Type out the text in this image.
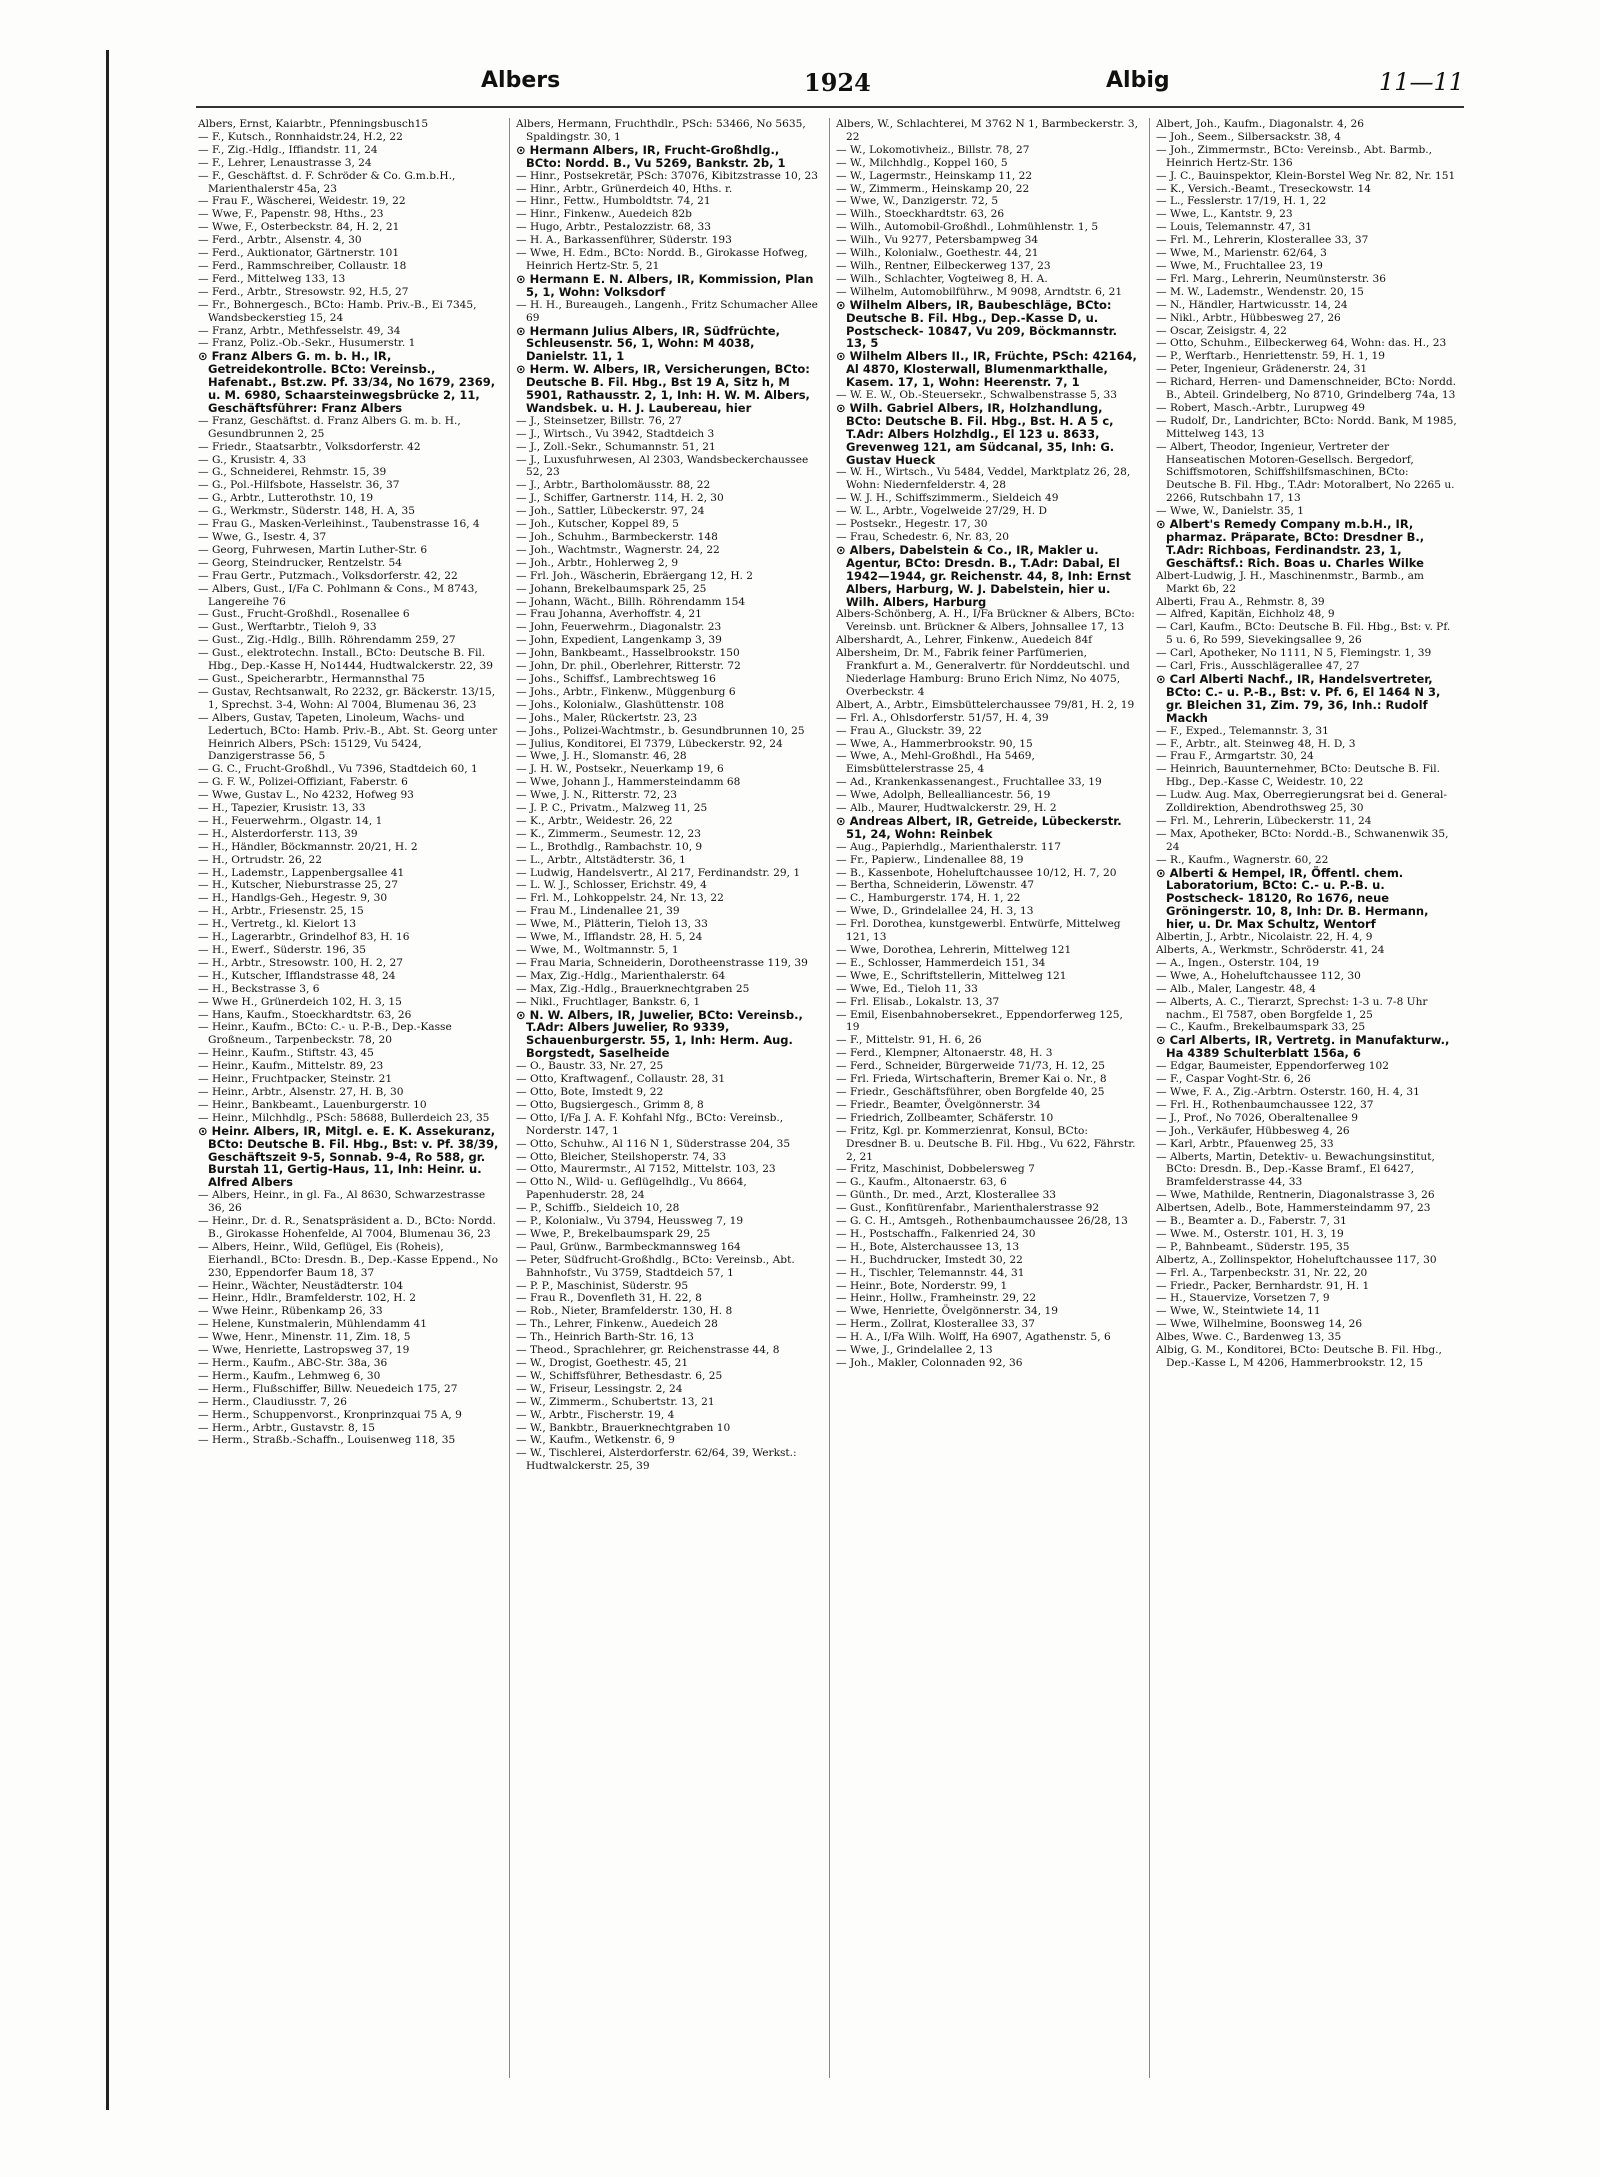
Albers	1924	Albig	11—11

Albers, Ernst, Kaiarbtr., Pfenningsbusch15

— F., Kutsch., Ronnhaidstr.24, H.2, 22

— F., Zig.-Hdlg., Iffiandstr. 11, 24

— F., Lehrer, Lenaustrasse 3, 24

— F., Geschäftst. d. F. Schröder & Co. G.m.b.H., Marienthalerstr 45a, 23

— Frau F., Wäscherei, Weidestr. 19, 22

— Wwe, F., Papenstr. 98, Hths., 23

— Wwe, F., Osterbeckstr. 84, H. 2, 21

— Ferd., Arbtr., Alsenstr. 4, 30

— Ferd., Auktionator, Gärtnerstr. 101

— Ferd., Rammschreiber, Collaustr. 18

— Ferd., Mittelweg 133, 13

— Ferd., Arbtr., Stresowstr. 92, H.5, 27

— Fr., Bohnergesch., BCto: Hamb. Priv.-B., Ei 7345, Wandsbeckerstieg 15, 24

— Franz, Arbtr., Methfesselstr. 49, 34

— Franz, Poliz.-Ob.-Sekr., Husumerstr. 1

⊙ Franz Albers G. m. b. H., IR, Getreidekontrolle. BCto: Vereinsb., Hafenabt., Bst.zw. Pf. 33/34, No 1679, 2369, u. M. 6980, Schaarsteinwegsbrücke 2, 11, Geschäftsführer: Franz Albers

— Franz, Geschäftst. d. Franz Albers G. m. b. H., Gesundbrunnen 2, 25

— Friedr., Staatsarbtr., Volksdorferstr. 42

— G., Krusistr. 4, 33

— G., Schneiderei, Rehmstr. 15, 39

— G., Pol.-Hilfsbote, Hasselstr. 36, 37

— G., Arbtr., Lutterothstr. 10, 19

— G., Werkmstr., Süderstr. 148, H. A, 35

— Frau G., Masken-Verleihinst., Taubenstrasse 16, 4

— Wwe, G., Isestr. 4, 37

— Georg, Fuhrwesen, Martin Luther-Str. 6

— Georg, Steindrucker, Rentzelstr. 54

— Frau Gertr., Putzmach., Volksdorferstr. 42, 22

— Albers, Gust., I/Fa C. Pohlmann & Cons., M 8743, Langereihe 76

— Gust., Frucht-Großhdl., Rosenallee 6

— Gust., Werftarbtr., Tieloh 9, 33

— Gust., Zig.-Hdlg., Billh. Röhrendamm 259, 27

— Gust., elektrotechn. Install., BCto: Deutsche B. Fil. Hbg., Dep.-Kasse H, No1444, Hudtwalckerstr. 22, 39

— Gust., Speicherarbtr., Hermannsthal 75

— Gustav, Rechtsanwalt, Ro 2232, gr. Bäckerstr. 13/15, 1, Sprechst. 3-4, Wohn: Al 7004, Blumenau 36, 23

— Albers, Gustav, Tapeten, Linoleum, Wachs- und Ledertuch, BCto: Hamb. Priv.-B., Abt. St. Georg unter Heinrich Albers, PSch: 15129, Vu 5424, Danzigerstrasse 56, 5

— G. C., Frucht-Großhdl., Vu 7396, Stadtdeich 60, 1

— G. F. W., Polizei-Offiziant, Faberstr. 6

— Wwe, Gustav L., No 4232, Hofweg 93

— H., Tapezier, Krusistr. 13, 33

— H., Feuerwehrm., Olgastr. 14, 1

— H., Alsterdorferstr. 113, 39

— H., Händler, Böckmannstr. 20/21, H. 2

— H., Ortrudstr. 26, 22

— H., Lademstr., Lappenbergsallee 41

— H., Kutscher, Nieburstrasse 25, 27

— H., Handlgs-Geh., Hegestr. 9, 30

— H., Arbtr., Friesenstr. 25, 15

— H., Vertretg., kl. Kielort 13

— H., Lagerarbtr., Grindelhof 83, H. 16

— H., Ewerf., Süderstr. 196, 35

— H., Arbtr., Stresowstr. 100, H. 2, 27

— H., Kutscher, Ifflandstrasse 48, 24

— H., Beckstrasse 3, 6

— Wwe H., Grünerdeich 102, H. 3, 15

— Hans, Kaufm., Stoeckhardtstr. 63, 26

— Heinr., Kaufm., BCto: C.- u. P.-B., Dep.-Kasse Großneum., Tarpenbeckstr. 78, 20

— Heinr., Kaufm., Stiftstr. 43, 45

— Heinr., Kaufm., Mittelstr. 89, 23

— Heinr., Fruchtpacker, Steinstr. 21

— Heinr., Arbtr., Alsenstr. 27, H. B, 30

— Heinr., Bankbeamt., Lauenburgerstr. 10

— Heinr., Milchhdlg., PSch: 58688, Bullerdeich 23, 35

⊙ Heinr. Albers, IR, Mitgl. e. E. K. Assekuranz, BCto: Deutsche B. Fil. Hbg., Bst: v. Pf. 38/39, Geschäftszeit 9-5, Sonnab. 9-4, Ro 588, gr. Burstah 11, Gertig-Haus, 11, Inh: Heinr. u. Alfred Albers

— Albers, Heinr., in gl. Fa., Al 8630, Schwarzestrasse 36, 26

— Heinr., Dr. d. R., Senatspräsident a. D., BCto: Nordd. B., Girokasse Hohenfelde, Al 7004, Blumenau 36, 23

— Albers, Heinr., Wild, Geflügel, Eis (Roheis), Eierhandl., BCto: Dresdn. B., Dep.-Kasse Eppend., No 230, Eppendorfer Baum 18, 37

— Heinr., Wächter, Neustädterstr. 104

— Heinr., Hdlr., Bramfelderstr. 102, H. 2

— Wwe Heinr., Rübenkamp 26, 33

— Helene, Kunstmalerin, Mühlendamm 41

— Wwe, Henr., Minenstr. 11, Zim. 18, 5

— Wwe, Henriette, Lastropsweg 37, 19

— Herm., Kaufm., ABC-Str. 38a, 36

— Herm., Kaufm., Lehmweg 6, 30

— Herm., Flußschiffer, Billw. Neuedeich 175, 27

— Herm., Claudiusstr. 7, 26

— Herm., Schuppenvorst., Kronprinzquai 75 A, 9

— Herm., Arbtr., Gustavstr. 8, 15

— Herm., Straßb.-Schaffn., Louisenweg 118, 35

Albers, Hermann, Fruchthdlr., PSch: 53466, No 5635, Spaldingstr. 30, 1

⊙ Hermann Albers, IR, Frucht-Großhdlg., BCto: Nordd. B., Vu 5269, Bankstr. 2b, 1

— Hinr., Postsekretär, PSch: 37076, Kibitzstrasse 10, 23

— Hinr., Arbtr., Grünerdeich 40, Hths. r.

— Hinr., Fettw., Humboldtstr. 74, 21

— Hinr., Finkenw., Auedeich 82b

— Hugo, Arbtr., Pestalozzistr. 68, 33

— H. A., Barkassenführer, Süderstr. 193

— Wwe, H. Edm., BCto: Nordd. B., Girokasse Hofweg, Heinrich Hertz-Str. 5, 21

⊙ Hermann E. N. Albers, IR, Kommission, Plan 5, 1, Wohn: Volksdorf

— H. H., Bureaugeh., Langenh., Fritz Schumacher Allee 69

⊙ Hermann Julius Albers, IR, Südfrüchte, Schleusenstr. 56, 1, Wohn: M 4038, Danielstr. 11, 1

⊙ Herm. W. Albers, IR, Versicherungen, BCto: Deutsche B. Fil. Hbg., Bst 19 A, Sitz h, M 5901, Rathausstr. 2, 1, Inh: H. W. M. Albers, Wandsbek. u. H. J. Laubereau, hier

— J., Steinsetzer, Billstr. 76, 27

— J., Wirtsch., Vu 3942, Stadtdeich 3

— J., Zoll.-Sekr., Schumannstr. 51, 21

— J., Luxusfuhrwesen, Al 2303, Wandsbeckerchaussee 52, 23

— J., Arbtr., Bartholomäusstr. 88, 22

— J., Schiffer, Gartnerstr. 114, H. 2, 30

— Joh., Sattler, Lübeckerstr. 97, 24

— Joh., Kutscher, Koppel 89, 5

— Joh., Schuhm., Barmbeckerstr. 148

— Joh., Wachtmstr., Wagnerstr. 24, 22

— Joh., Arbtr., Hohlerweg 2, 9

— Frl. Joh., Wäscherin, Ebräergang 12, H. 2

— Johann, Brekelbaumspark 25, 25

— Johann, Wächt., Billh. Röhrendamm 154

— Frau Johanna, Averhoffstr. 4, 21

— John, Feuerwehrm., Diagonalstr. 23

— John, Expedient, Langenkamp 3, 39

— John, Bankbeamt., Hasselbrookstr. 150

— John, Dr. phil., Oberlehrer, Ritterstr. 72

— Johs., Schiffsf., Lambrechtsweg 16

— Johs., Arbtr., Finkenw., Müggenburg 6

— Johs., Kolonialw., Glashüttenstr. 108

— Johs., Maler, Rückertstr. 23, 23

— Johs., Polizei-Wachtmstr., b. Gesundbrunnen 10, 25

— Julius, Konditorei, El 7379, Lübeckerstr. 92, 24

— Wwe, J. H., Slomanstr. 46, 28

— J. H. W., Postsekr., Neuerkamp 19, 6

— Wwe, Johann J., Hammersteindamm 68

— Wwe, J. N., Ritterstr. 72, 23

— J. P. C., Privatm., Malzweg 11, 25

— K., Arbtr., Weidestr. 26, 22

— K., Zimmerm., Seumestr. 12, 23

— L., Brothdlg., Rambachstr. 10, 9

— L., Arbtr., Altstädterstr. 36, 1

— Ludwig, Handelsvertr., Al 217, Ferdinandstr. 29, 1

— L. W. J., Schlosser, Erichstr. 49, 4

— Frl. M., Lohkoppelstr. 24, Nr. 13, 22

— Frau M., Lindenallee 21, 39

— Wwe, M., Plätterin, Tieloh 13, 33

— Wwe, M., Ifflandstr. 28, H. 5, 24

— Wwe, M., Woltmannstr. 5, 1

— Frau Maria, Schneiderin, Dorotheenstrasse 119, 39

— Max, Zig.-Hdlg., Marienthalerstr. 64

— Max, Zig.-Hdlg., Brauerknechtgraben 25

— Nikl., Fruchtlager, Bankstr. 6, 1

⊙ N. W. Albers, IR, Juwelier, BCto: Vereinsb., T.Adr: Albers Juwelier, Ro 9339, Schauenburgerstr. 55, 1, Inh: Herm. Aug. Borgstedt, Saselheide

— O., Baustr. 33, Nr. 27, 25

— Otto, Kraftwagenf., Collaustr. 28, 31

— Otto, Bote, Imstedt 9, 22

— Otto, Bugsiergesch., Grimm 8, 8

— Otto, I/Fa J. A. F. Kohfahl Nfg., BCto: Vereinsb., Norderstr. 147, 1

— Otto, Schuhw., Al 116 N 1, Süderstrasse 204, 35

— Otto, Bleicher, Steilshoperstr. 74, 33

— Otto, Maurermstr., Al 7152, Mittelstr. 103, 23

— Otto N., Wild- u. Geflügelhdlg., Vu 8664, Papenhuderstr. 28, 24

— P., Schiffb., Sieldeich 10, 28

— P., Kolonialw., Vu 3794, Heussweg 7, 19

— Wwe, P., Brekelbaumspark 29, 25

— Paul, Grünw., Barmbeckmannsweg 164

— Peter, Südfrucht-Großhdlg., BCto: Vereinsb., Abt. Bahnhofstr., Vu 3759, Stadtdeich 57, 1

— P. P., Maschinist, Süderstr. 95

— Frau R., Dovenfleth 31, H. 22, 8

— Rob., Nieter, Bramfelderstr. 130, H. 8

— Th., Lehrer, Finkenw., Auedeich 28

— Th., Heinrich Barth-Str. 16, 13

— Theod., Sprachlehrer, gr. Reichenstrasse 44, 8

— W., Drogist, Goethestr. 45, 21

— W., Schiffsführer, Bethesdastr. 6, 25

— W., Friseur, Lessingstr. 2, 24

— W., Zimmerm., Schubertstr. 13, 21

— W., Arbtr., Fischerstr. 19, 4

— W., Bankbtr., Brauerknechtgraben 10

— W., Kaufm., Wetkenstr. 6, 9

— W., Tischlerei, Alsterdorferstr. 62/64, 39, Werkst.: Hudtwalckerstr. 25, 39

Albers, W., Schlachterei, M 3762 N 1, Barmbeckerstr. 3, 22

— W., Lokomotivheiz., Billstr. 78, 27

— W., Milchhdlg., Koppel 160, 5

— W., Lagermstr., Heinskamp 11, 22

— W., Zimmerm., Heinskamp 20, 22

— Wwe, W., Danzigerstr. 72, 5

— Wilh., Stoeckhardtstr. 63, 26

— Wilh., Automobil-Großhdl., Lohmühlenstr. 1, 5

— Wilh., Vu 9277, Petersbampweg 34

— Wilh., Kolonialw., Goethestr. 44, 21

— Wilh., Rentner, Eilbeckerweg 137, 23

— Wilh., Schlachter, Vogteiweg 8, H. A.

— Wilhelm, Automobilführw., M 9098, Arndtstr. 6, 21

⊙ Wilhelm Albers, IR, Baubeschläge, BCto: Deutsche B. Fil. Hbg., Dep.-Kasse D, u. Postscheck- 10847, Vu 209, Böckmannstr. 13, 5

⊙ Wilhelm Albers II., IR, Früchte, PSch: 42164, Al 4870, Klosterwall, Blumenmarkthalle, Kasem. 17, 1, Wohn: Heerenstr. 7, 1

— W. E. W., Ob.-Steuersekr., Schwalbenstrasse 5, 33

⊙ Wilh. Gabriel Albers, IR, Holzhandlung, BCto: Deutsche B. Fil. Hbg., Bst. H. A 5 c, T.Adr: Albers Holzhdlg., El 123 u. 8633, Grevenweg 121, am Südcanal, 35, Inh: G. Gustav Hueck

— W. H., Wirtsch., Vu 5484, Veddel, Marktplatz 26, 28, Wohn: Niedernfelderstr. 4, 28

— W. J. H., Schiffszimmerm., Sieldeich 49

— W. L., Arbtr., Vogelweide 27/29, H. D

— Postsekr., Hegestr. 17, 30

— Frau, Schedestr. 6, Nr. 83, 20

⊙ Albers, Dabelstein & Co., IR, Makler u. Agentur, BCto: Dresdn. B., T.Adr: Dabal, El 1942—1944, gr. Reichenstr. 44, 8, Inh: Ernst Albers, Harburg, W. J. Dabelstein, hier u. Wilh. Albers, Harburg

Albers-Schönberg, A. H., I/Fa Brückner & Albers, BCto: Vereinsb. unt. Brückner & Albers, Johnsallee 17, 13

Albershardt, A., Lehrer, Finkenw., Auedeich 84f

Albersheim, Dr. M., Fabrik feiner Parfümerien, Frankfurt a. M., Generalvertr. für Norddeutschl. und Niederlage Hamburg: Bruno Erich Nimz, No 4075, Overbeckstr. 4

Albert, A., Arbtr., Eimsbüttelerchaussee 79/81, H. 2, 19

— Frl. A., Ohlsdorferstr. 51/57, H. 4, 39

— Frau A., Gluckstr. 39, 22

— Wwe, A., Hammerbrookstr. 90, 15

— Wwe, A., Mehl-Großhdl., Ha 5469, Eimsbüttelerstrasse 25, 4

— Ad., Krankenkassenangest., Fruchtallee 33, 19

— Wwe, Adolph, Bellealliancestr. 56, 19

— Alb., Maurer, Hudtwalckerstr. 29, H. 2

⊙ Andreas Albert, IR, Getreide, Lübeckerstr. 51, 24, Wohn: Reinbek

— Aug., Papierhdlg., Marienthalerstr. 117

— Fr., Papierw., Lindenallee 88, 19

— B., Kassenbote, Hoheluftchaussee 10/12, H. 7, 20

— Bertha, Schneiderin, Löwenstr. 47

— C., Hamburgerstr. 174, H. 1, 22

— Wwe, D., Grindelallee 24, H. 3, 13

— Frl. Dorothea, kunstgewerbl. Entwürfe, Mittelweg 121, 13

— Wwe, Dorothea, Lehrerin, Mittelweg 121

— E., Schlosser, Hammerdeich 151, 34

— Wwe, E., Schriftstellerin, Mittelweg 121

— Wwe, Ed., Tieloh 11, 33

— Frl. Elisab., Lokalstr. 13, 37

— Emil, Eisenbahnobersekret., Eppendorferweg 125, 19

— F., Mittelstr. 91, H. 6, 26

— Ferd., Klempner, Altonaerstr. 48, H. 3

— Ferd., Schneider, Bürgerweide 71/73, H. 12, 25

— Frl. Frieda, Wirtschafterin, Bremer Kai o. Nr., 8

— Friedr., Geschäftsführer, oben Borgfelde 40, 25

— Friedr., Beamter, Övelgönnerstr. 34

— Friedrich, Zollbeamter, Schäferstr. 10

— Fritz, Kgl. pr. Kommerzienrat, Konsul, BCto: Dresdner B. u. Deutsche B. Fil. Hbg., Vu 622, Fährstr. 2, 21

— Fritz, Maschinist, Dobbelersweg 7

— G., Kaufm., Altonaerstr. 63, 6

— Günth., Dr. med., Arzt, Klosterallee 33

— Gust., Konfitürenfabr., Marienthalerstrasse 92

— G. C. H., Amtsgeh., Rothenbaumchaussee 26/28, 13

— H., Postschaffn., Falkenried 24, 30

— H., Bote, Alsterchaussee 13, 13

— H., Buchdrucker, Imstedt 30, 22

— H., Tischler, Telemannstr. 44, 31

— Heinr., Bote, Norderstr. 99, 1

— Heinr., Hollw., Framheinstr. 29, 22

— Wwe, Henriette, Övelgönnerstr. 34, 19

— Herm., Zollrat, Klosterallee 33, 37

— H. A., I/Fa Wilh. Wolff, Ha 6907, Agathenstr. 5, 6

— Wwe, J., Grindelallee 2, 13

— Joh., Makler, Colonnaden 92, 36

Albert, Joh., Kaufm., Diagonalstr. 4, 26

— Joh., Seem., Silbersackstr. 38, 4

— Joh., Zimmermstr., BCto: Vereinsb., Abt. Barmb., Heinrich Hertz-Str. 136

— J. C., Bauinspektor, Klein-Borstel Weg Nr. 82, Nr. 151

— K., Versich.-Beamt., Treseckowstr. 14

— L., Fesslerstr. 17/19, H. 1, 22

— Wwe, L., Kantstr. 9, 23

— Louis, Telemannstr. 47, 31

— Frl. M., Lehrerin, Klosterallee 33, 37

— Wwe, M., Marienstr. 62/64, 3

— Wwe, M., Fruchtallee 23, 19

— Frl. Marg., Lehrerin, Neumünsterstr. 36

— M. W., Lademstr., Wendenstr. 20, 15

— N., Händler, Hartwicusstr. 14, 24

— Nikl., Arbtr., Hübbesweg 27, 26

— Oscar, Zeisigstr. 4, 22

— Otto, Schuhm., Eilbeckerweg 64, Wohn: das. H., 23

— P., Werftarb., Henriettenstr. 59, H. 1, 19

— Peter, Ingenieur, Grädenerstr. 24, 31

— Richard, Herren- und Damenschneider, BCto: Nordd. B., Abteil. Grindelberg, No 8710, Grindelberg 74a, 13

— Robert, Masch.-Arbtr., Lurupweg 49

— Rudolf, Dr., Landrichter, BCto: Nordd. Bank, M 1985, Mittelweg 143, 13

— Albert, Theodor, Ingenieur, Vertreter der Hanseatischen Motoren-Gesellsch. Bergedorf, Schiffsmotoren, Schiffshilfsmaschinen, BCto: Deutsche B. Fil. Hbg., T.Adr: Motoralbert, No 2265 u. 2266, Rutschbahn 17, 13

— Wwe, W., Danielstr. 35, 1

⊙ Albert's Remedy Company m.b.H., IR, pharmaz. Präparate, BCto: Dresdner B., T.Adr: Richboas, Ferdinandstr. 23, 1, Geschäftsf.: Rich. Boas u. Charles Wilke

Albert-Ludwig, J. H., Maschinenmstr., Barmb., am Markt 6b, 22

Alberti, Frau A., Rehmstr. 8, 39

— Alfred, Kapitän, Eichholz 48, 9

— Carl, Kaufm., BCto: Deutsche B. Fil. Hbg., Bst: v. Pf. 5 u. 6, Ro 599, Sievekingsallee 9, 26

— Carl, Apotheker, No 1111, N 5, Flemingstr. 1, 39

— Carl, Fris., Ausschlägerallee 47, 27

⊙ Carl Alberti Nachf., IR, Handelsvertreter, BCto: C.- u. P.-B., Bst: v. Pf. 6, El 1464 N 3, gr. Bleichen 31, Zim. 79, 36, Inh.: Rudolf Mackh

— F., Exped., Telemannstr. 3, 31

— F., Arbtr., alt. Steinweg 48, H. D, 3

— Frau F., Armgartstr. 30, 24

— Heinrich, Bauunternehmer, BCto: Deutsche B. Fil. Hbg., Dep.-Kasse C, Weidestr. 10, 22

— Ludw. Aug. Max, Oberregierungsrat bei d. General-Zolldirektion, Abendrothsweg 25, 30

— Frl. M., Lehrerin, Lübeckerstr. 11, 24

— Max, Apotheker, BCto: Nordd.-B., Schwanenwik 35, 24

— R., Kaufm., Wagnerstr. 60, 22

⊙ Alberti & Hempel, IR, Öffentl. chem. Laboratorium, BCto: C.- u. P.-B. u. Postscheck- 18120, Ro 1676, neue Gröningerstr. 10, 8, Inh: Dr. B. Hermann, hier, u. Dr. Max Schultz, Wentorf

Albertin, J., Arbtr., Nicolaistr. 22, H. 4, 9

Alberts, A., Werkmstr., Schröderstr. 41, 24

— A., Ingen., Osterstr. 104, 19

— Wwe, A., Hoheluftchaussee 112, 30

— Alb., Maler, Langestr. 48, 4

— Alberts, A. C., Tierarzt, Sprechst: 1-3 u. 7-8 Uhr nachm., El 7587, oben Borgfelde 1, 25

— C., Kaufm., Brekelbaumspark 33, 25

⊙ Carl Alberts, IR, Vertretg. in Manufakturw., Ha 4389 Schulterblatt 156a, 6

— Edgar, Baumeister, Eppendorferweg 102

— F., Caspar Voght-Str. 6, 26

— Wwe, F. A., Zig.-Arbtrn. Osterstr. 160, H. 4, 31

— Frl. H., Rothenbaumchaussee 122, 37

— J., Prof., No 7026, Oberaltenallee 9

— Joh., Verkäufer, Hübbesweg 4, 26

— Karl, Arbtr., Pfauenweg 25, 33

— Alberts, Martin, Detektiv- u. Bewachungsinstitut, BCto: Dresdn. B., Dep.-Kasse Bramf., El 6427, Bramfelderstrasse 44, 33

— Wwe, Mathilde, Rentnerin, Diagonalstrasse 3, 26

Albertsen, Adelb., Bote, Hammersteindamm 97, 23

— B., Beamter a. D., Faberstr. 7, 31

— Wwe. M., Osterstr. 101, H. 3, 19

— P., Bahnbeamt., Süderstr. 195, 35

Albertz, A., Zollinspektor, Hoheluftchaussee 117, 30

— Frl. A., Tarpenbeckstr. 31, Nr. 22, 20

— Friedr., Packer, Bernhardstr. 91, H. 1

— H., Stauervize, Vorsetzen 7, 9

— Wwe, W., Steintwiete 14, 11

— Wwe, Wilhelmine, Boonsweg 14, 26

Albes, Wwe. C., Bardenweg 13, 35

Albig, G. M., Konditorei, BCto: Deutsche B. Fil. Hbg., Dep.-Kasse L, M 4206, Hammerbrookstr. 12, 15
